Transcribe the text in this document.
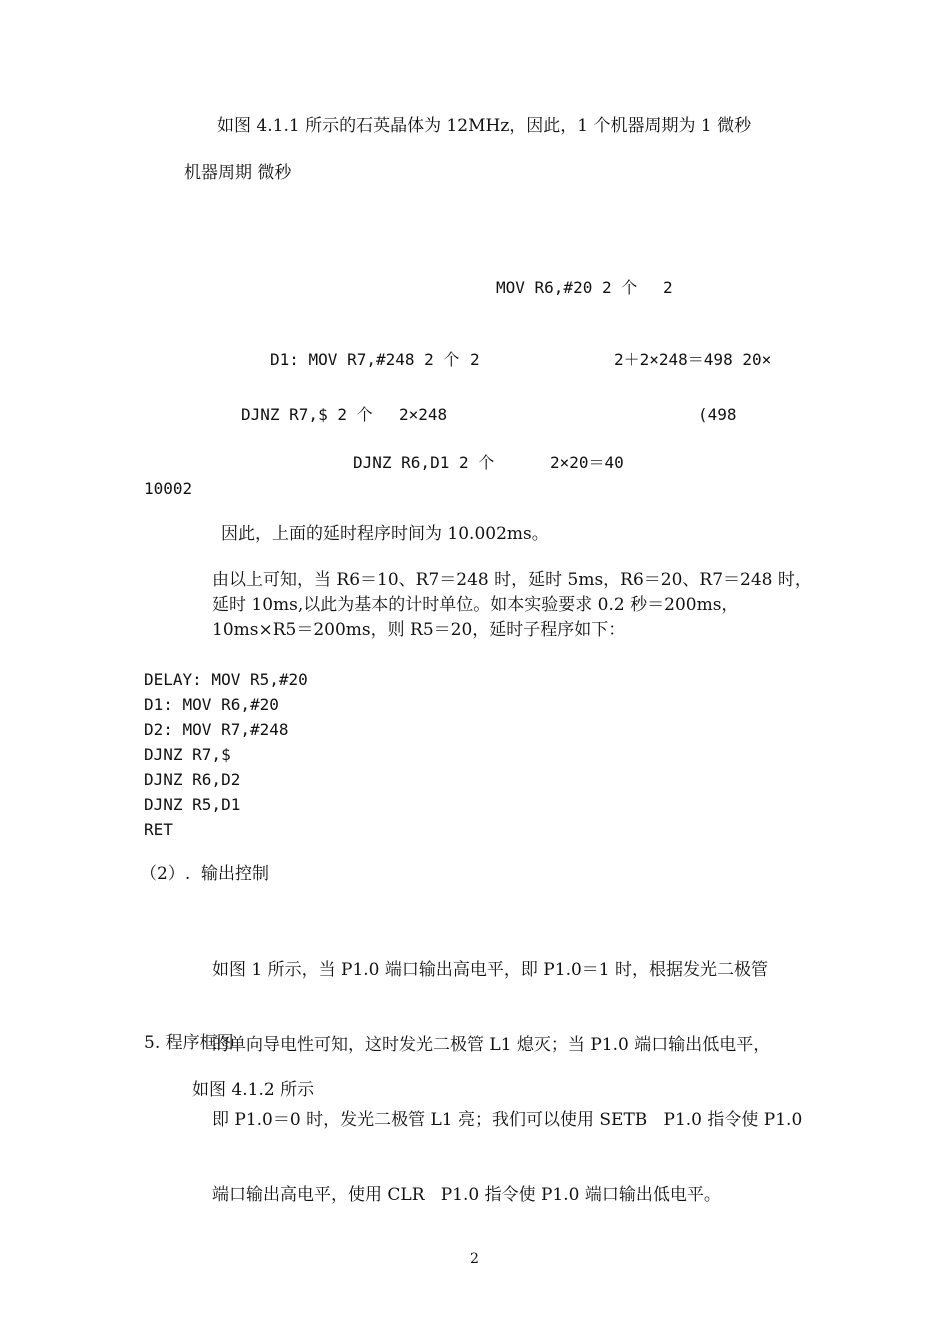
如图 4.1.1 所示的石英晶体为 12MHz，因此，1 个机器周期为 1 微秒
机器周期 微秒
MOV R6,#20 2 个 2
D1: MOV R7,#248 2 个 2	2＋2×248＝498 20×
DJNZ R7,$ 2 个 2×248	(498
DJNZ R6,D1 2 个	2×20＝40
10002
因此，上面的延时程序时间为 10.002ms。
由以上可知，当 R6＝10、R7＝248 时，延时 5ms，R6＝20、R7＝248 时，
延时 10ms,以此为基本的计时单位。如本实验要求 0.2 秒＝200ms，
10ms×R5＝200ms，则 R5＝20，延时子程序如下：
DELAY: MOV R5,#20
D1: MOV R6,#20
D2: MOV R7,#248
DJNZ R7,$
DJNZ R6,D2
DJNZ R5,D1
RET
（2）.  输出控制

如图 1 所示，当 P1.0 端口输出高电平，即 P1.0＝1 时，根据发光二极管

的单向导电性可知，这时发光二极管 L1 熄灭；当 P1.0 端口输出低电平，

即 P1.0＝0 时，发光二极管 L1 亮；我们可以使用 SETB   P1.0 指令使 P1.0

端口输出高电平，使用 CLR   P1.0 指令使 P1.0 端口输出低电平。

5. 程序框图
如图 4.1.2 所示
2
